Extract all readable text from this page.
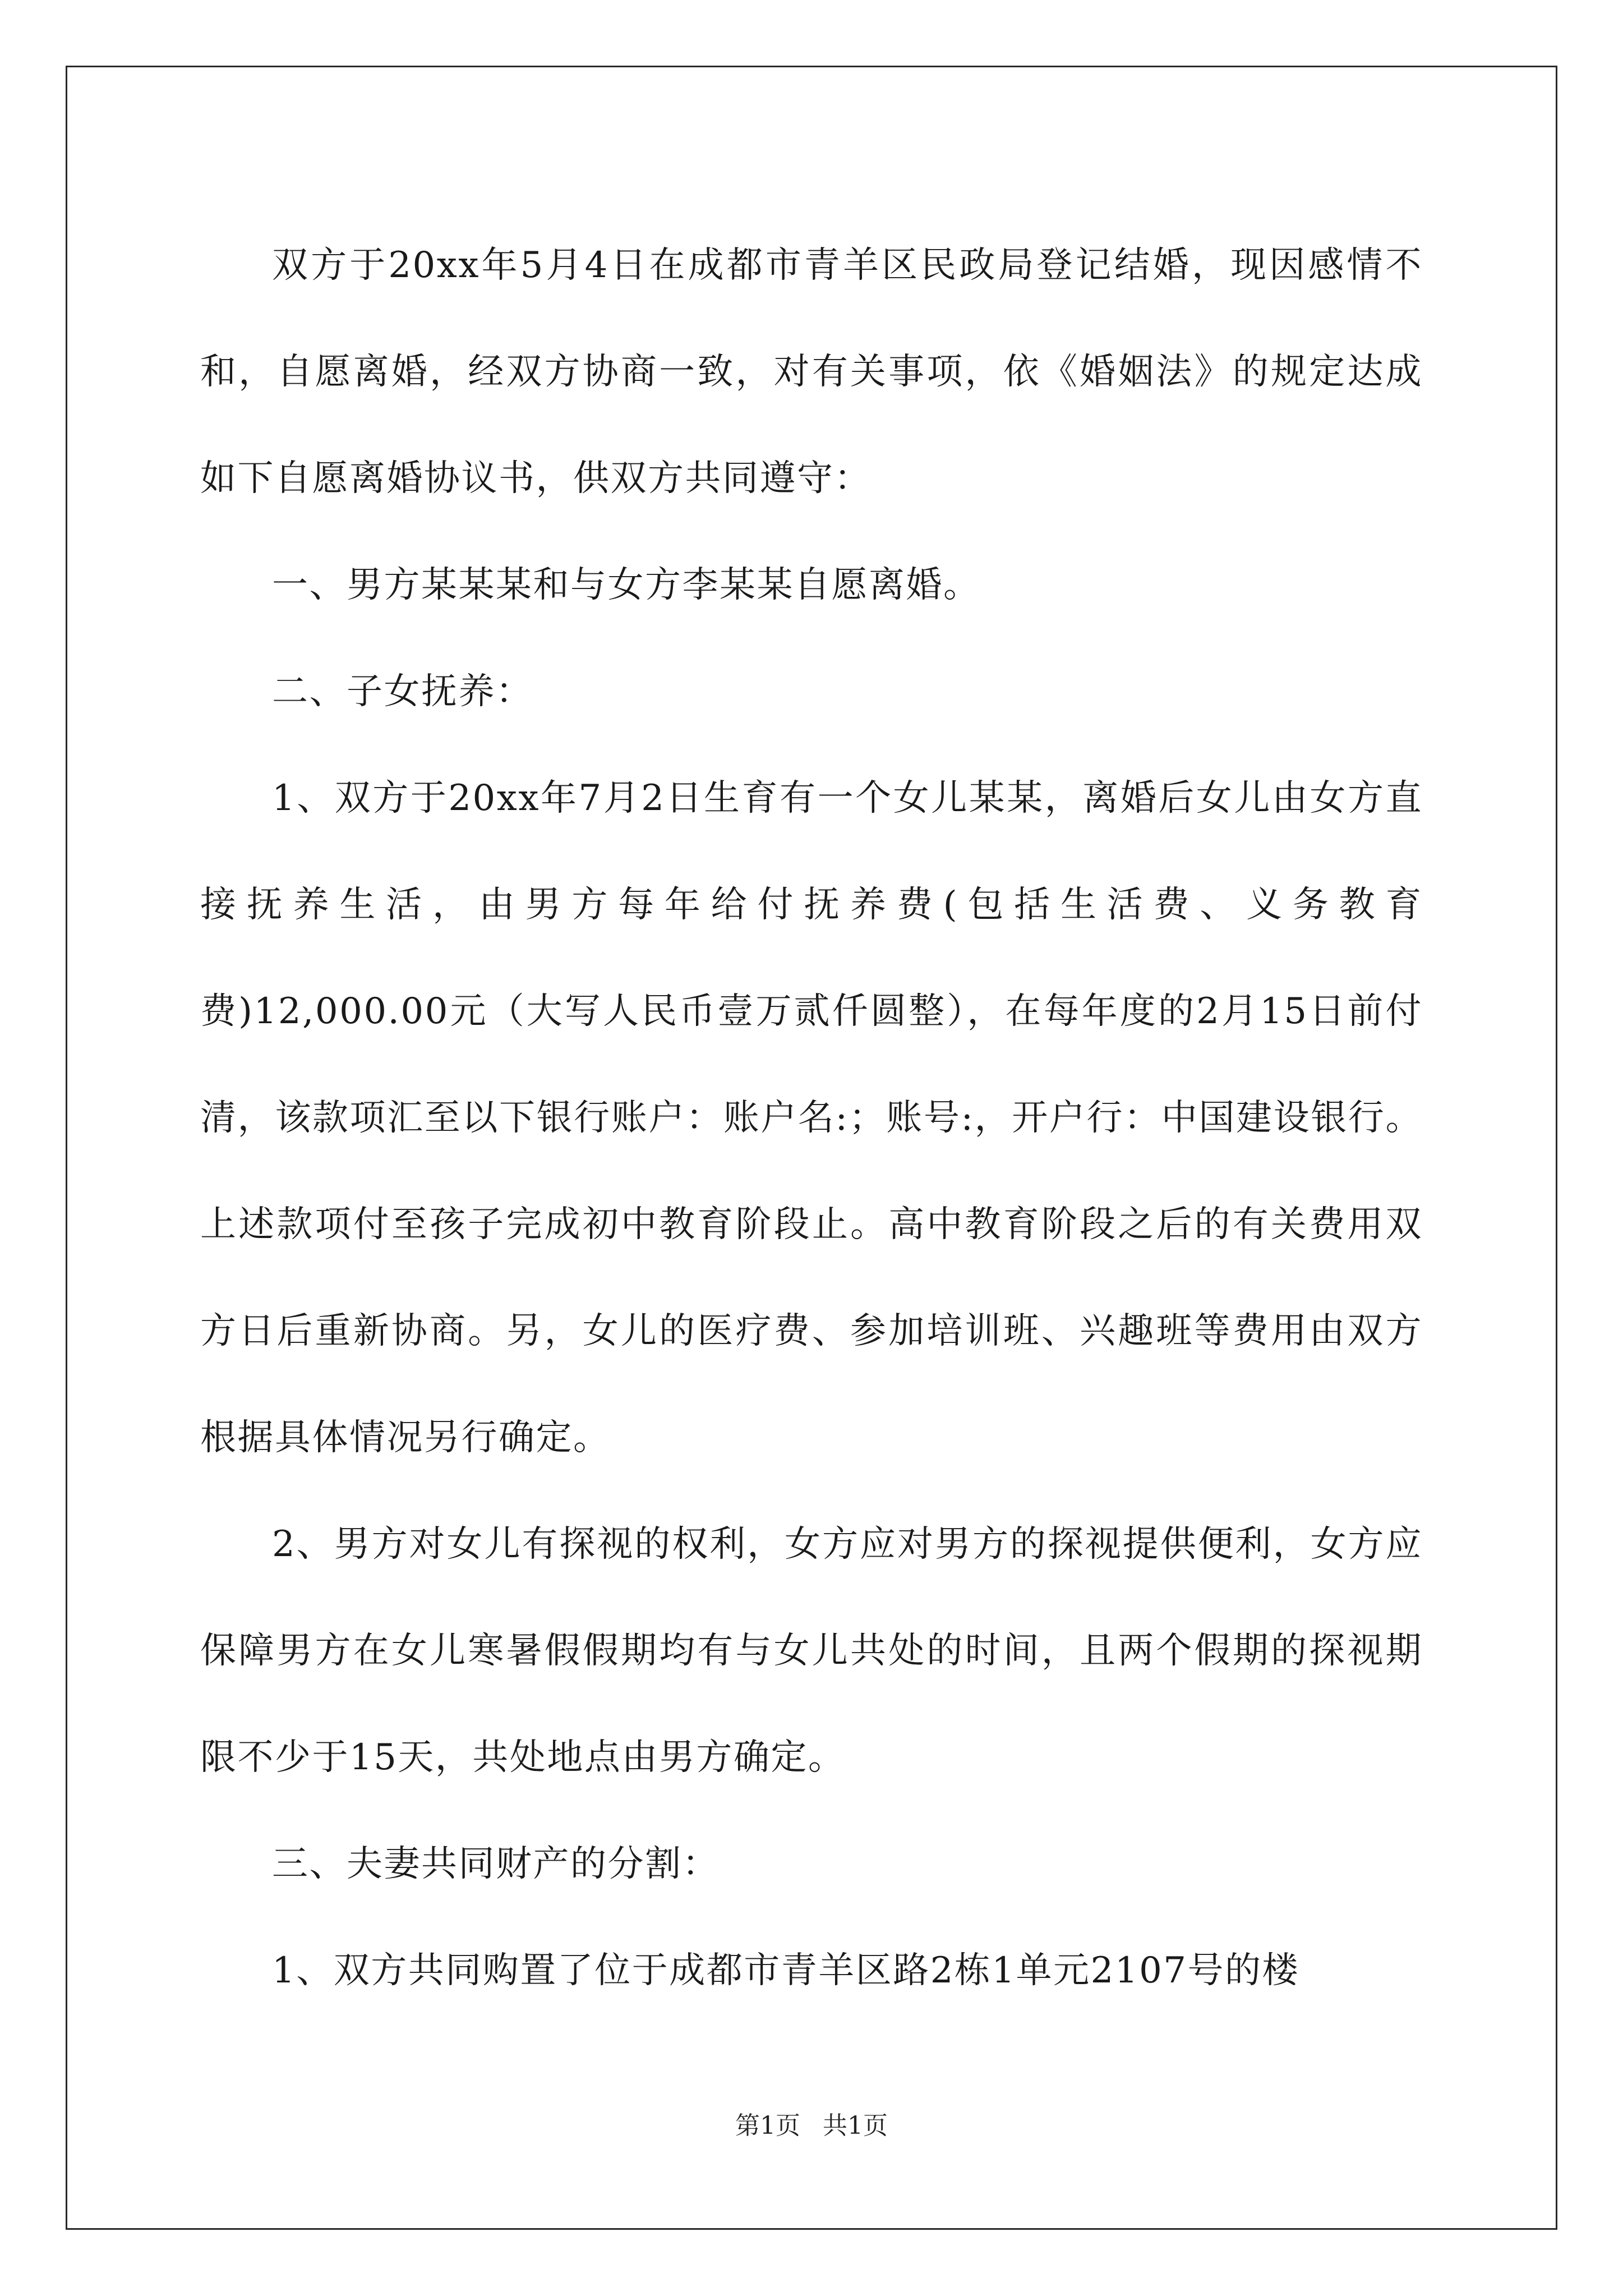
双方于20xx年5月4日在成都市青羊区民政局登记结婚，现因感情不和，自愿离婚，经双方协商一致，对有关事项，依《婚姻法》的规定达成如下自愿离婚协议书，供双方共同遵守：

一、男方某某某和与女方李某某自愿离婚。

二、子女抚养：

1、双方于20xx年7月2日生育有一个女儿某某，离婚后女儿由女方直接抚养生活，由男方每年给付抚养费(包括生活费、义务教育费)12,000.00元（大写人民币壹万贰仟圆整），在每年度的2月15日前付清，该款项汇至以下银行账户：账户名:；账号:，开户行：中国建设银行。上述款项付至孩子完成初中教育阶段止。高中教育阶段之后的有关费用双方日后重新协商。另，女儿的医疗费、参加培训班、兴趣班等费用由双方根据具体情况另行确定。

2、男方对女儿有探视的权利，女方应对男方的探视提供便利，女方应保障男方在女儿寒暑假假期均有与女儿共处的时间，且两个假期的探视期限不少于15天，共处地点由男方确定。

三、夫妻共同财产的分割：

1、双方共同购置了位于成都市青羊区路2栋1单元2107号的楼

第1页 共1页
